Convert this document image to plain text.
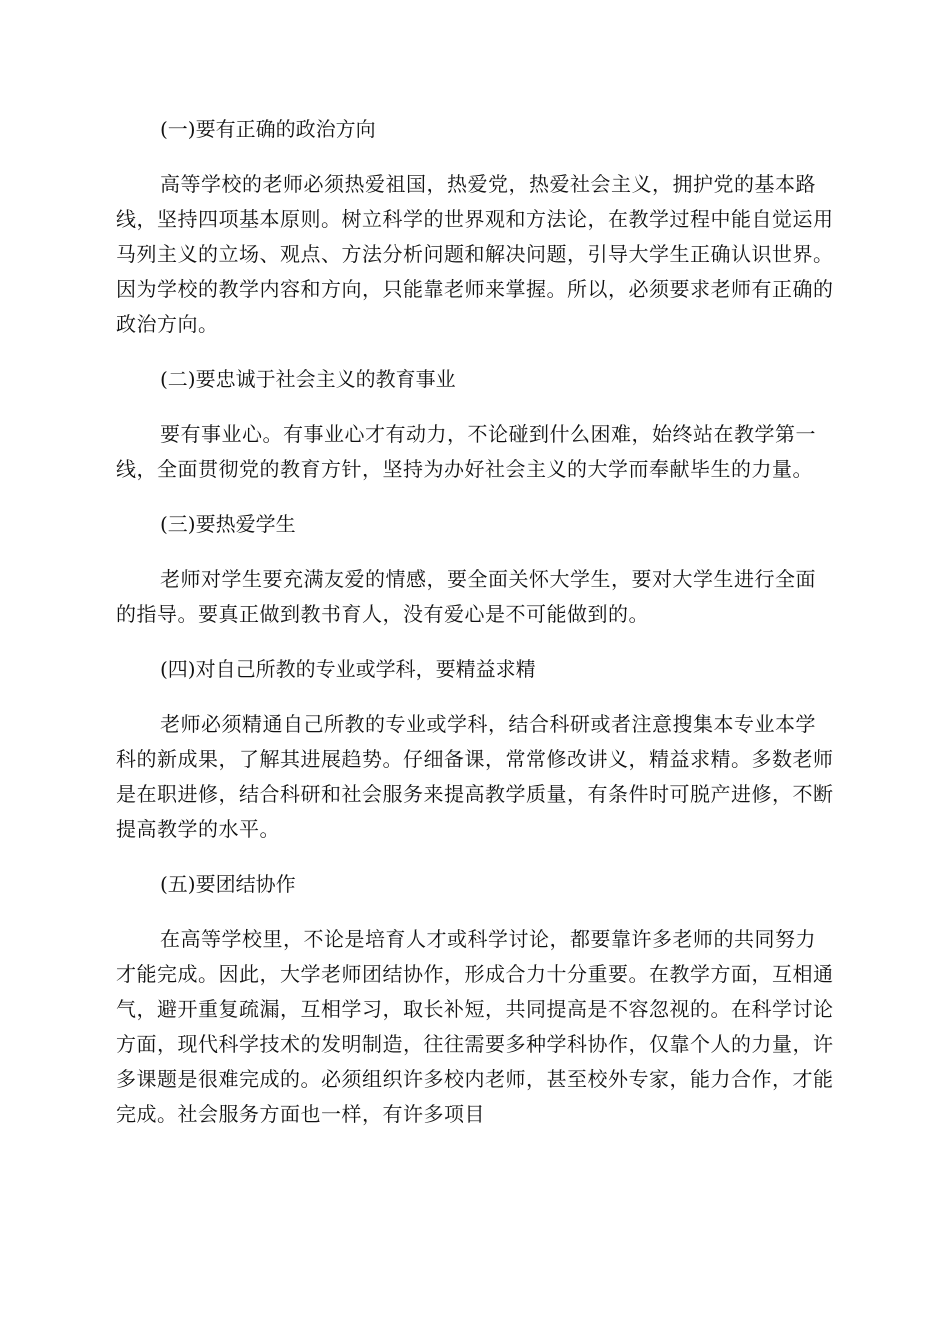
(一)要有正确的政治方向

高等学校的老师必须热爱祖国，热爱党，热爱社会主义，拥护党的基本路线，坚持四项基本原则。树立科学的世界观和方法论，在教学过程中能自觉运用马列主义的立场、观点、方法分析问题和解决问题，引导大学生正确认识世界。因为学校的教学内容和方向，只能靠老师来掌握。所以，必须要求老师有正确的政治方向。

(二)要忠诚于社会主义的教育事业

要有事业心。有事业心才有动力，不论碰到什么困难，始终站在教学第一线，全面贯彻党的教育方针，坚持为办好社会主义的大学而奉献毕生的力量。

(三)要热爱学生

老师对学生要充满友爱的情感，要全面关怀大学生，要对大学生进行全面的指导。要真正做到教书育人，没有爱心是不可能做到的。

(四)对自己所教的专业或学科，要精益求精

老师必须精通自己所教的专业或学科，结合科研或者注意搜集本专业本学科的新成果，了解其进展趋势。仔细备课，常常修改讲义，精益求精。多数老师是在职进修，结合科研和社会服务来提高教学质量，有条件时可脱产进修，不断提高教学的水平。

(五)要团结协作

在高等学校里，不论是培育人才或科学讨论，都要靠许多老师的共同努力才能完成。因此，大学老师团结协作，形成合力十分重要。在教学方面，互相通气，避开重复疏漏，互相学习，取长补短，共同提高是不容忽视的。在科学讨论方面，现代科学技术的发明制造，往往需要多种学科协作，仅靠个人的力量，许多课题是很难完成的。必须组织许多校内老师，甚至校外专家，能力合作，才能完成。社会服务方面也一样，有许多项目
